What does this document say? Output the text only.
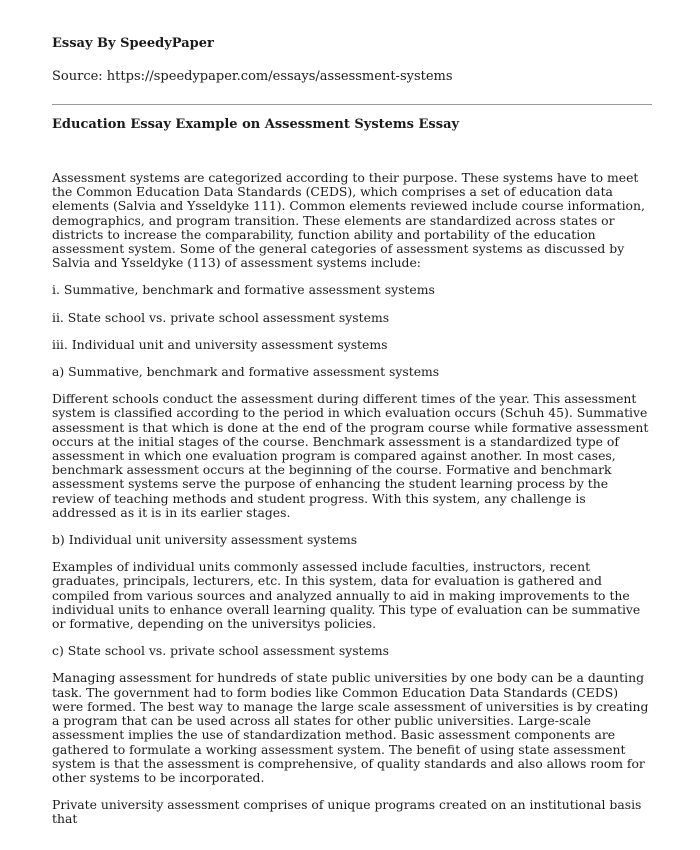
Essay By SpeedyPaper

Source: https://speedypaper.com/essays/assessment-systems

Education Essay Example on Assessment Systems Essay

Assessment systems are categorized according to their purpose. These systems have to meet the Common Education Data Standards (CEDS), which comprises a set of education data elements (Salvia and Ysseldyke 111). Common elements reviewed include course information, demographics, and program transition. These elements are standardized across states or districts to increase the comparability, function ability and portability of the education assessment system. Some of the general categories of assessment systems as discussed by Salvia and Ysseldyke (113) of assessment systems include:

i. Summative, benchmark and formative assessment systems

ii. State school vs. private school assessment systems

iii. Individual unit and university assessment systems

a) Summative, benchmark and formative assessment systems

Different schools conduct the assessment during different times of the year. This assessment system is classified according to the period in which evaluation occurs (Schuh 45). Summative assessment is that which is done at the end of the program course while formative assessment occurs at the initial stages of the course. Benchmark assessment is a standardized type of assessment in which one evaluation program is compared against another. In most cases, benchmark assessment occurs at the beginning of the course. Formative and benchmark assessment systems serve the purpose of enhancing the student learning process by the review of teaching methods and student progress. With this system, any challenge is addressed as it is in its earlier stages.

b) Individual unit university assessment systems

Examples of individual units commonly assessed include faculties, instructors, recent graduates, principals, lecturers, etc. In this system, data for evaluation is gathered and compiled from various sources and analyzed annually to aid in making improvements to the individual units to enhance overall learning quality. This type of evaluation can be summative or formative, depending on the universitys policies.

c) State school vs. private school assessment systems

Managing assessment for hundreds of state public universities by one body can be a daunting task. The government had to form bodies like Common Education Data Standards (CEDS) were formed. The best way to manage the large scale assessment of universities is by creating a program that can be used across all states for other public universities. Large-scale assessment implies the use of standardization method. Basic assessment components are gathered to formulate a working assessment system. The benefit of using state assessment system is that the assessment is comprehensive, of quality standards and also allows room for other systems to be incorporated.

Private university assessment comprises of unique programs created on an institutional basis that
